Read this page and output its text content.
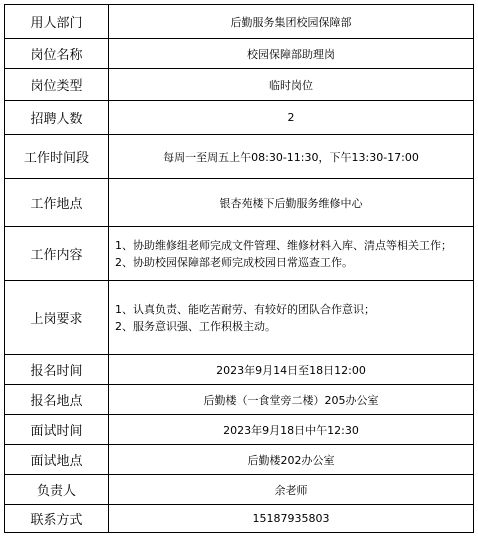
用人部门	后勤服务集团校园保障部
岗位名称	校园保障部助理岗
岗位类型	临时岗位
招聘人数	2
工作时间段	每周一至周五上午08:30-11:30，下午13:30-17:00
工作地点	银杏苑楼下后勤服务维修中心
工作内容	1、协助维修组老师完成文件管理、维修材料入库、清点等相关工作；
2、协助校园保障部老师完成校园日常巡查工作。

上岗要求	1、认真负责、能吃苦耐劳、有较好的团队合作意识；
2、服务意识强、工作积极主动。

报名时间	2023年9月14日至18日12:00
报名地点	后勤楼（一食堂旁二楼）205办公室
面试时间	2023年9月18日中午12:30
面试地点	后勤楼202办公室
负责人	余老师
联系方式	15187935803
